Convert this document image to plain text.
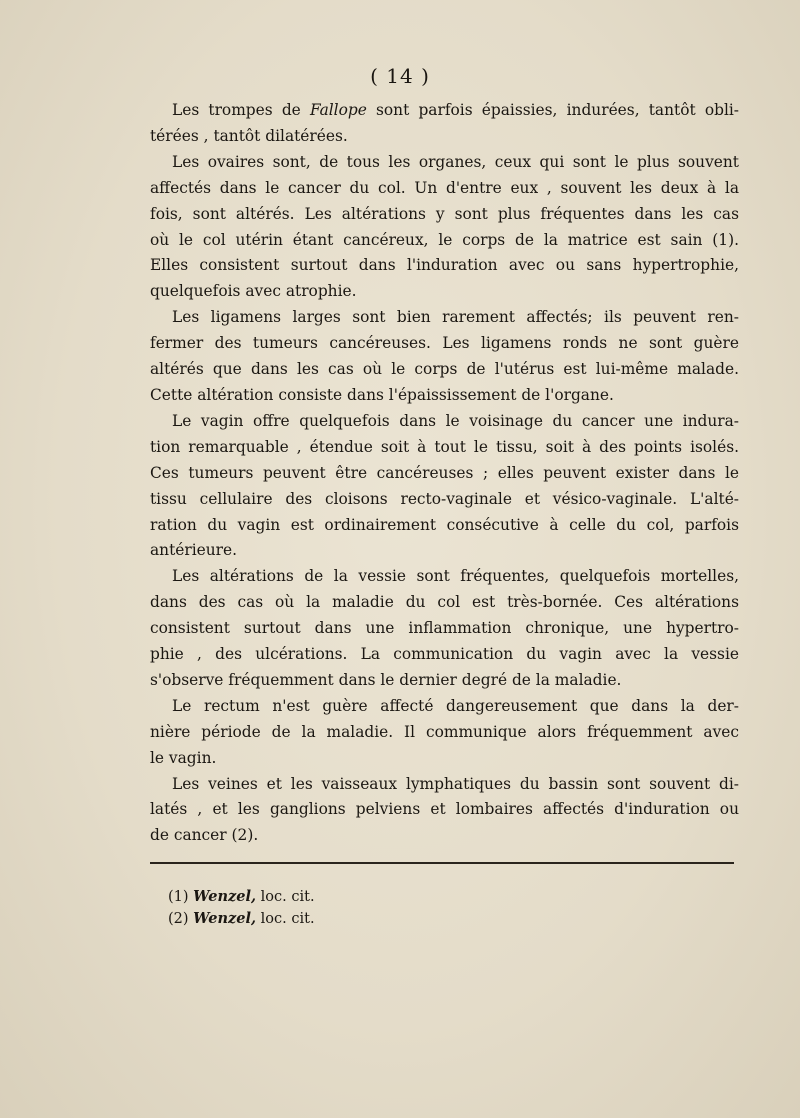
( 14 )

Les trompes de Fallope sont parfois épaissies, indurées, tantôt obli-
térées , tantôt dilatérées.

Les ovaires sont, de tous les organes, ceux qui sont le plus souvent
affectés dans le cancer du col. Un d'entre eux , souvent les deux à la
fois, sont altérés. Les altérations y sont plus fréquentes dans les cas
où le col utérin étant cancéreux, le corps de la matrice est sain (1).
Elles consistent surtout dans l'induration avec ou sans hypertrophie,
quelquefois avec atrophie.

Les ligamens larges sont bien rarement affectés; ils peuvent ren-
fermer des tumeurs cancéreuses. Les ligamens ronds ne sont guère
altérés que dans les cas où le corps de l'utérus est lui-même malade.
Cette altération consiste dans l'épaississement de l'organe.

Le vagin offre quelquefois dans le voisinage du cancer une indura-
tion remarquable , étendue soit à tout le tissu, soit à des points isolés.
Ces tumeurs peuvent être cancéreuses ; elles peuvent exister dans le
tissu cellulaire des cloisons recto-vaginale et vésico-vaginale. L'alté-
ration du vagin est ordinairement consécutive à celle du col, parfois
antérieure.

Les altérations de la vessie sont fréquentes, quelquefois mortelles,
dans des cas où la maladie du col est très-bornée. Ces altérations
consistent surtout dans une inflammation chronique, une hypertro-
phie , des ulcérations. La communication du vagin avec la vessie
s'observe fréquemment dans le dernier degré de la maladie.

Le rectum n'est guère affecté dangereusement que dans la der-
nière période de la maladie. Il communique alors fréquemment avec
le vagin.

Les veines et les vaisseaux lymphatiques du bassin sont souvent di-
latés , et les ganglions pelviens et lombaires affectés d'induration ou
de cancer (2).

(1) Wenzel, loc. cit.
(2) Wenzel, loc. cit.
